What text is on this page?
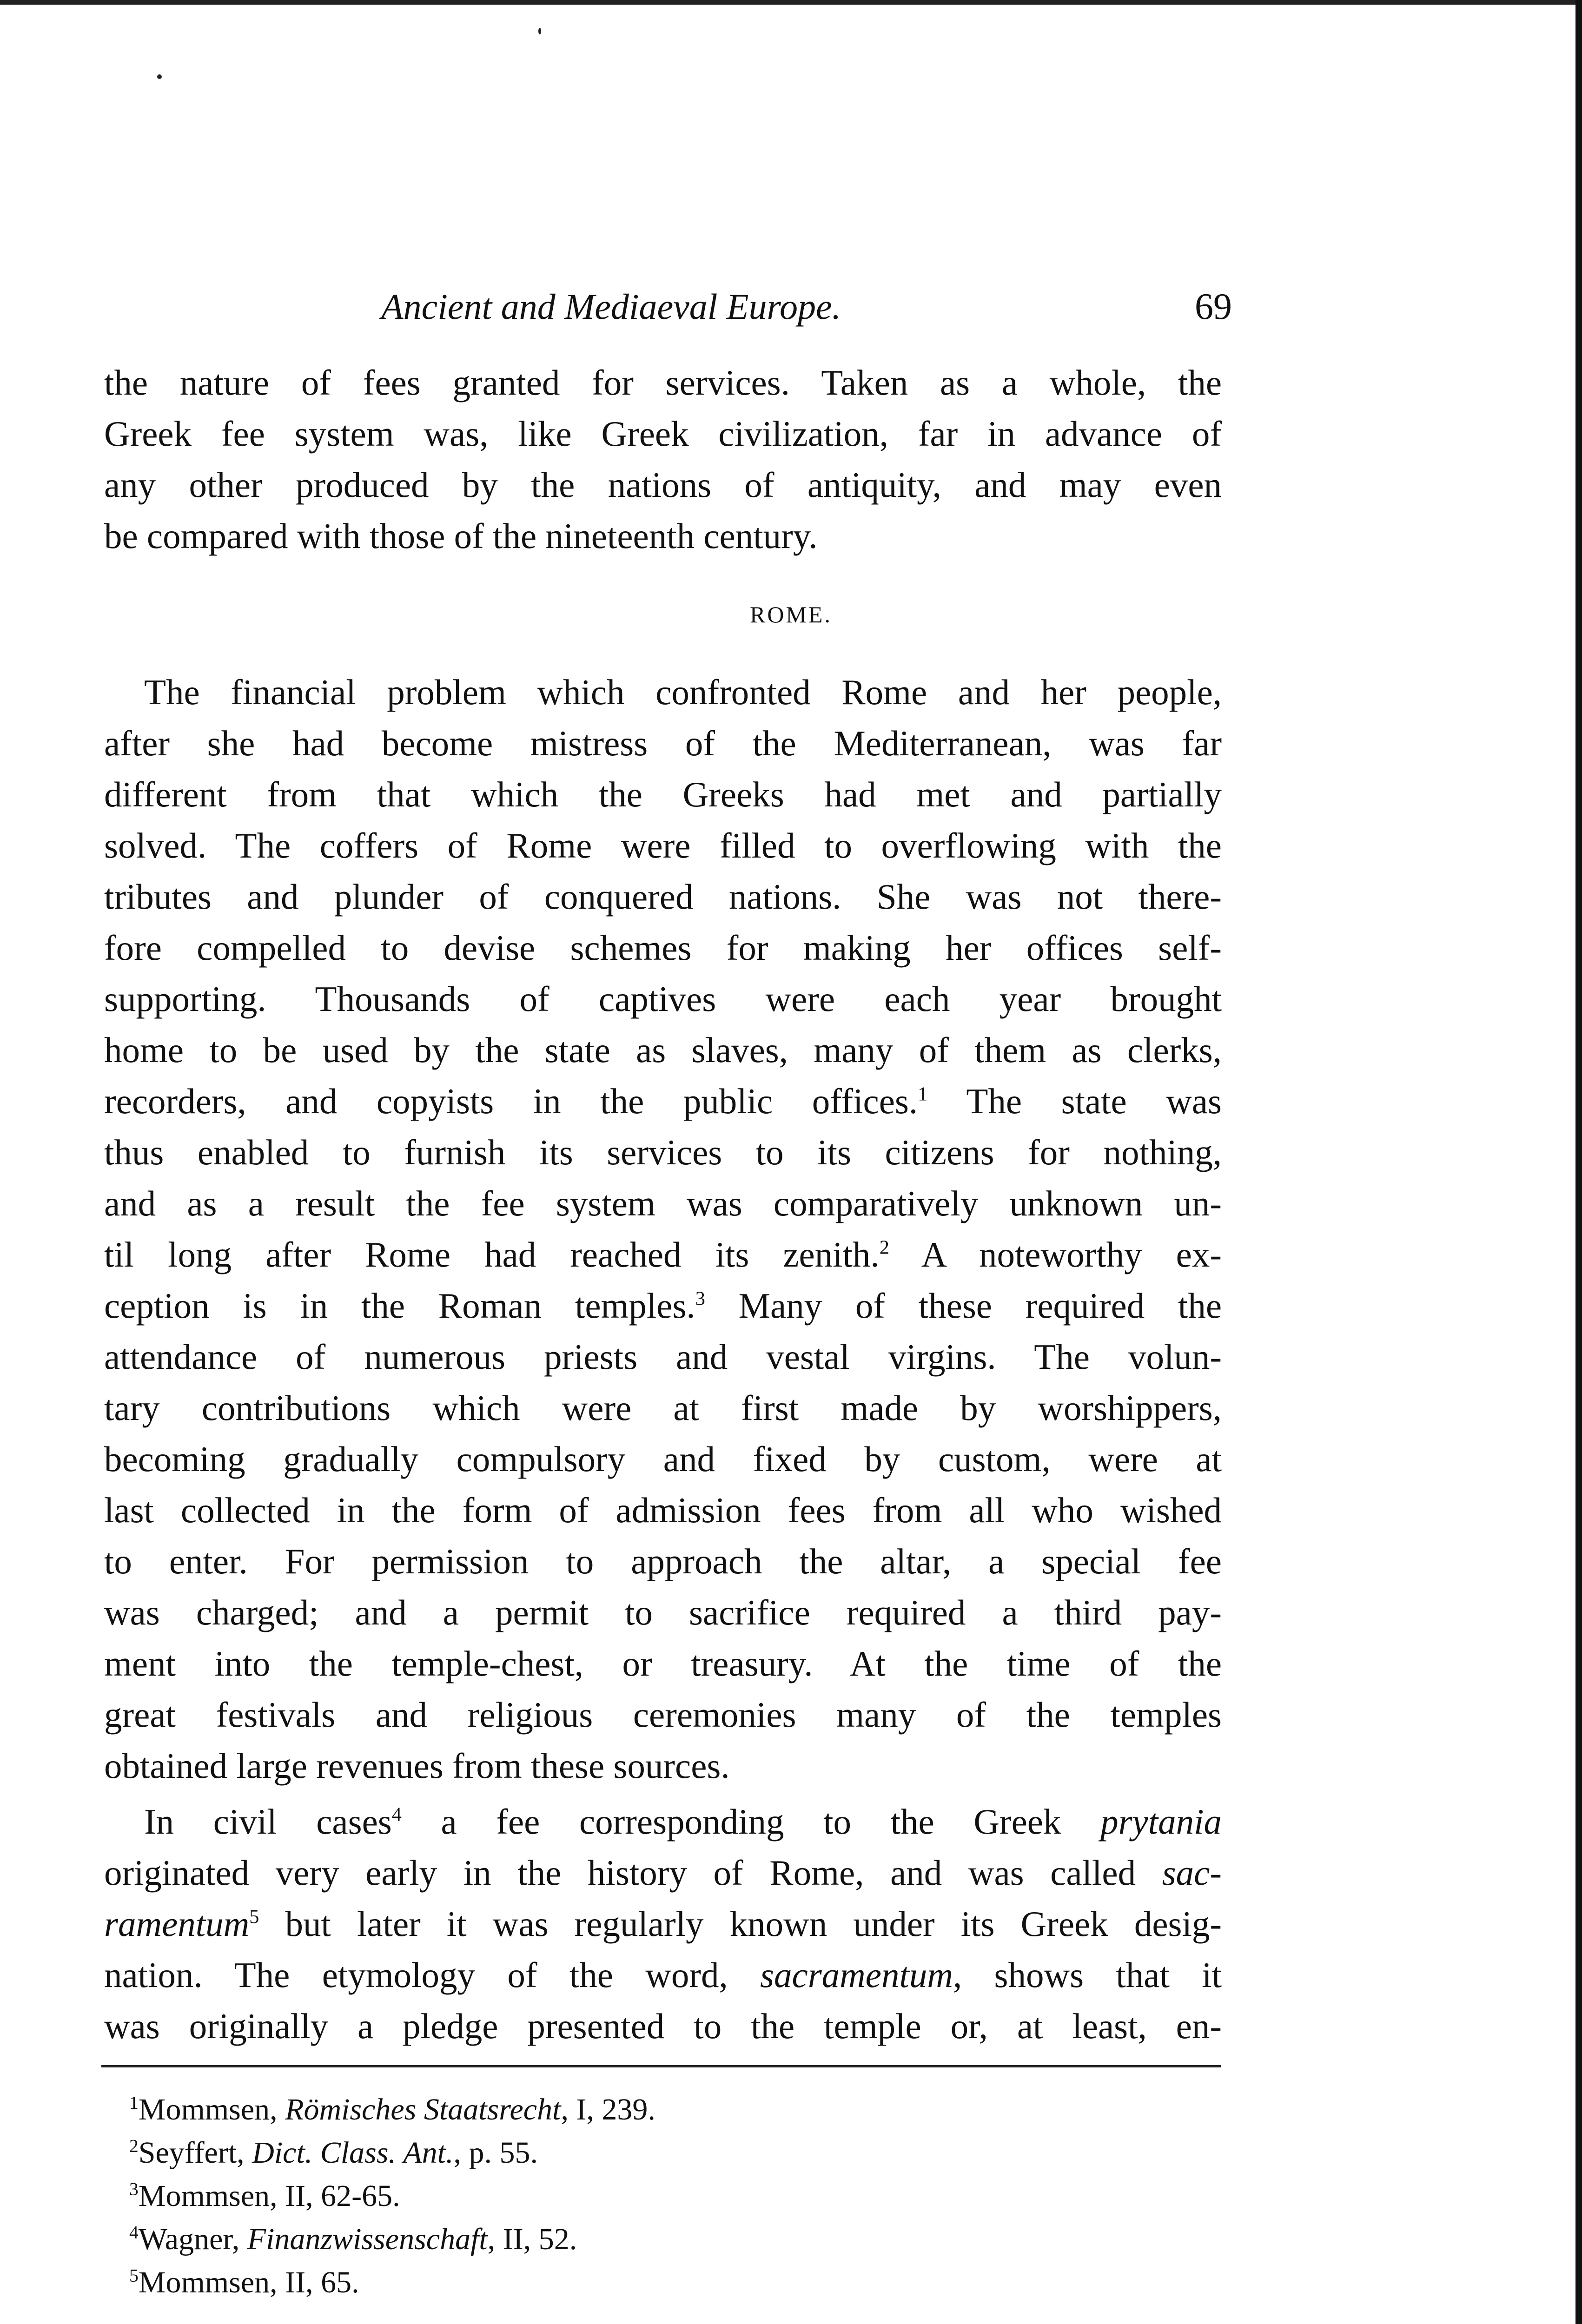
Ancient and Mediaeval Europe.	69
the nature of fees granted for services. Taken as a whole, the
Greek fee system was, like Greek civilization, far in advance of
any other produced by the nations of antiquity, and may even
be compared with those of the nineteenth century.
ROME.
The financial problem which confronted Rome and her people,
after she had become mistress of the Mediterranean, was far
different from that which the Greeks had met and partially
solved. The coffers of Rome were filled to overflowing with the
tributes and plunder of conquered nations. She was not there-
fore compelled to devise schemes for making her offices self-
supporting. Thousands of captives were each year brought
home to be used by the state as slaves, many of them as clerks,
recorders, and copyists in the public offices.$^1$ The state was
thus enabled to furnish its services to its citizens for nothing,
and as a result the fee system was comparatively unknown un-
til long after Rome had reached its zenith.$^2$ A noteworthy ex-
ception is in the Roman temples.$^3$ Many of these required the
attendance of numerous priests and vestal virgins. The volun-
tary contributions which were at first made by worshippers,
becoming gradually compulsory and fixed by custom, were at
last collected in the form of admission fees from all who wished
to enter. For permission to approach the altar, a special fee
was charged; and a permit to sacrifice required a third pay-
ment into the temple-chest, or treasury. At the time of the
great festivals and religious ceremonies many of the temples
obtained large revenues from these sources.
In civil cases$^4$ a fee corresponding to the Greek prytania
originated very early in the history of Rome, and was called sac-
ramentum$^5$ but later it was regularly known under its Greek desig-
nation. The etymology of the word, sacramentum, shows that it
was originally a pledge presented to the temple or, at least, en-
$^1$Mommsen, Römisches Staatsrecht, I, 239.
$^2$Seyffert, Dict. Class. Ant., p. 55.
$^3$Mommsen, II, 62-65.
$^4$Wagner, Finanzwissenschaft, II, 52.
$^5$Mommsen, II, 65.
